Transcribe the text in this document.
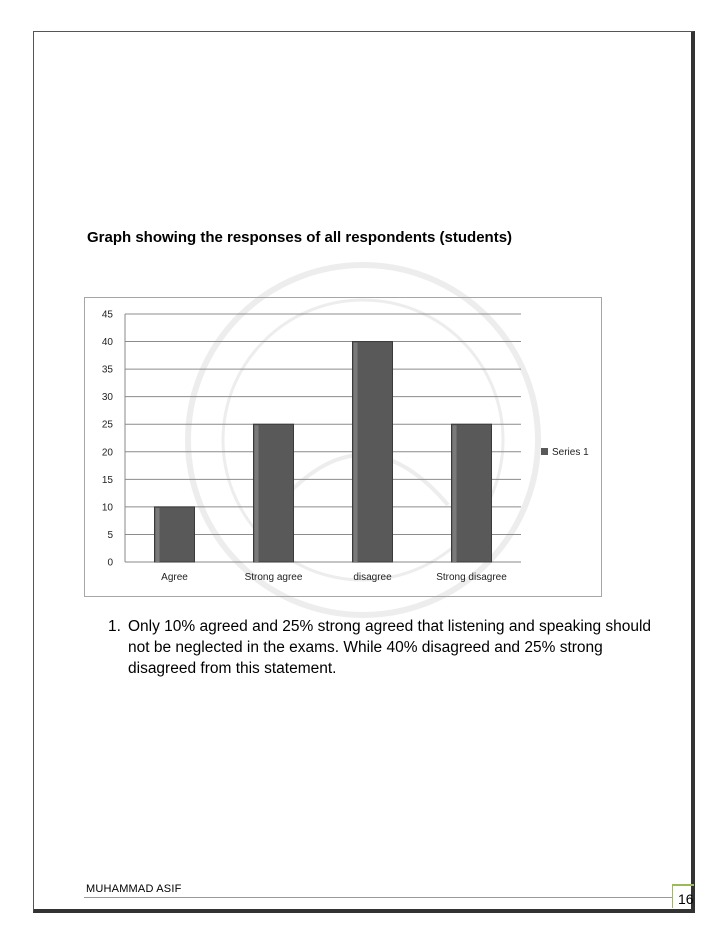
Graph showing the responses of all respondents (students)
0
5
10
15
20
25
30
35
40
45
Agree	Strong agree	disagree	Strong disagree
Series 1
1. Only 10% agreed and 25% strong agreed that listening and speaking should not be neglected in the exams. While 40% disagreed and 25% strong disagreed from this statement.
MUHAMMAD ASIF
16
